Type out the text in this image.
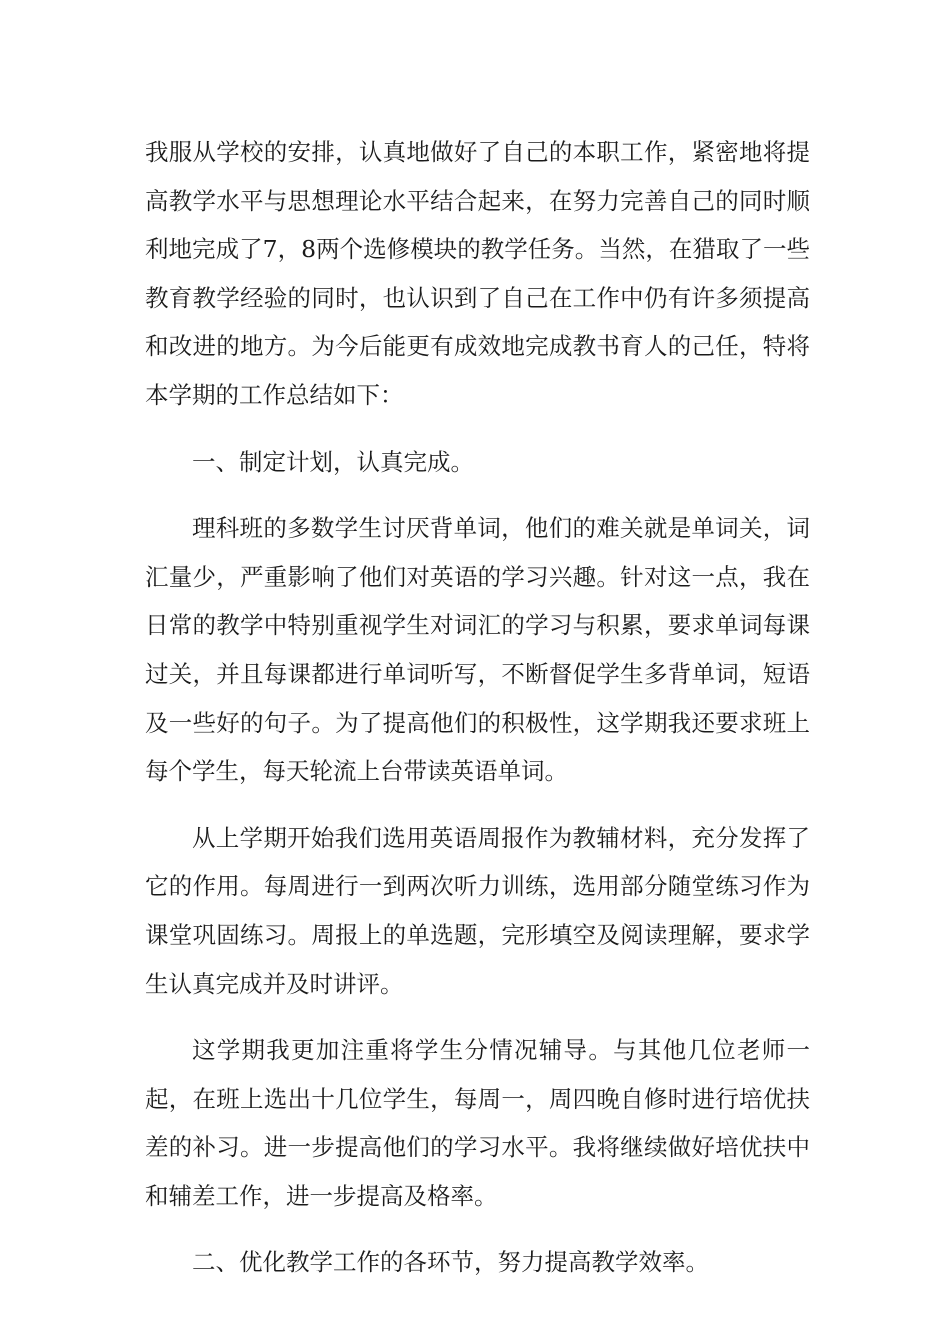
我服从学校的安排，认真地做好了自己的本职工作，紧密地将提高教学水平与思想理论水平结合起来，在努力完善自己的同时顺利地完成了7，8两个选修模块的教学任务。当然，在猎取了一些教育教学经验的同时，也认识到了自己在工作中仍有许多须提高和改进的地方。为今后能更有成效地完成教书育人的己任，特将本学期的工作总结如下：

一、制定计划，认真完成。

理科班的多数学生讨厌背单词，他们的难关就是单词关，词汇量少，严重影响了他们对英语的学习兴趣。针对这一点，我在日常的教学中特别重视学生对词汇的学习与积累，要求单词每课过关，并且每课都进行单词听写，不断督促学生多背单词，短语及一些好的句子。为了提高他们的积极性，这学期我还要求班上每个学生，每天轮流上台带读英语单词。

从上学期开始我们选用英语周报作为教辅材料，充分发挥了它的作用。每周进行一到两次听力训练，选用部分随堂练习作为课堂巩固练习。周报上的单选题，完形填空及阅读理解，要求学生认真完成并及时讲评。

这学期我更加注重将学生分情况辅导。与其他几位老师一起，在班上选出十几位学生，每周一，周四晚自修时进行培优扶差的补习。进一步提高他们的学习水平。我将继续做好培优扶中和辅差工作，进一步提高及格率。

二、优化教学工作的各环节，努力提高教学效率。
